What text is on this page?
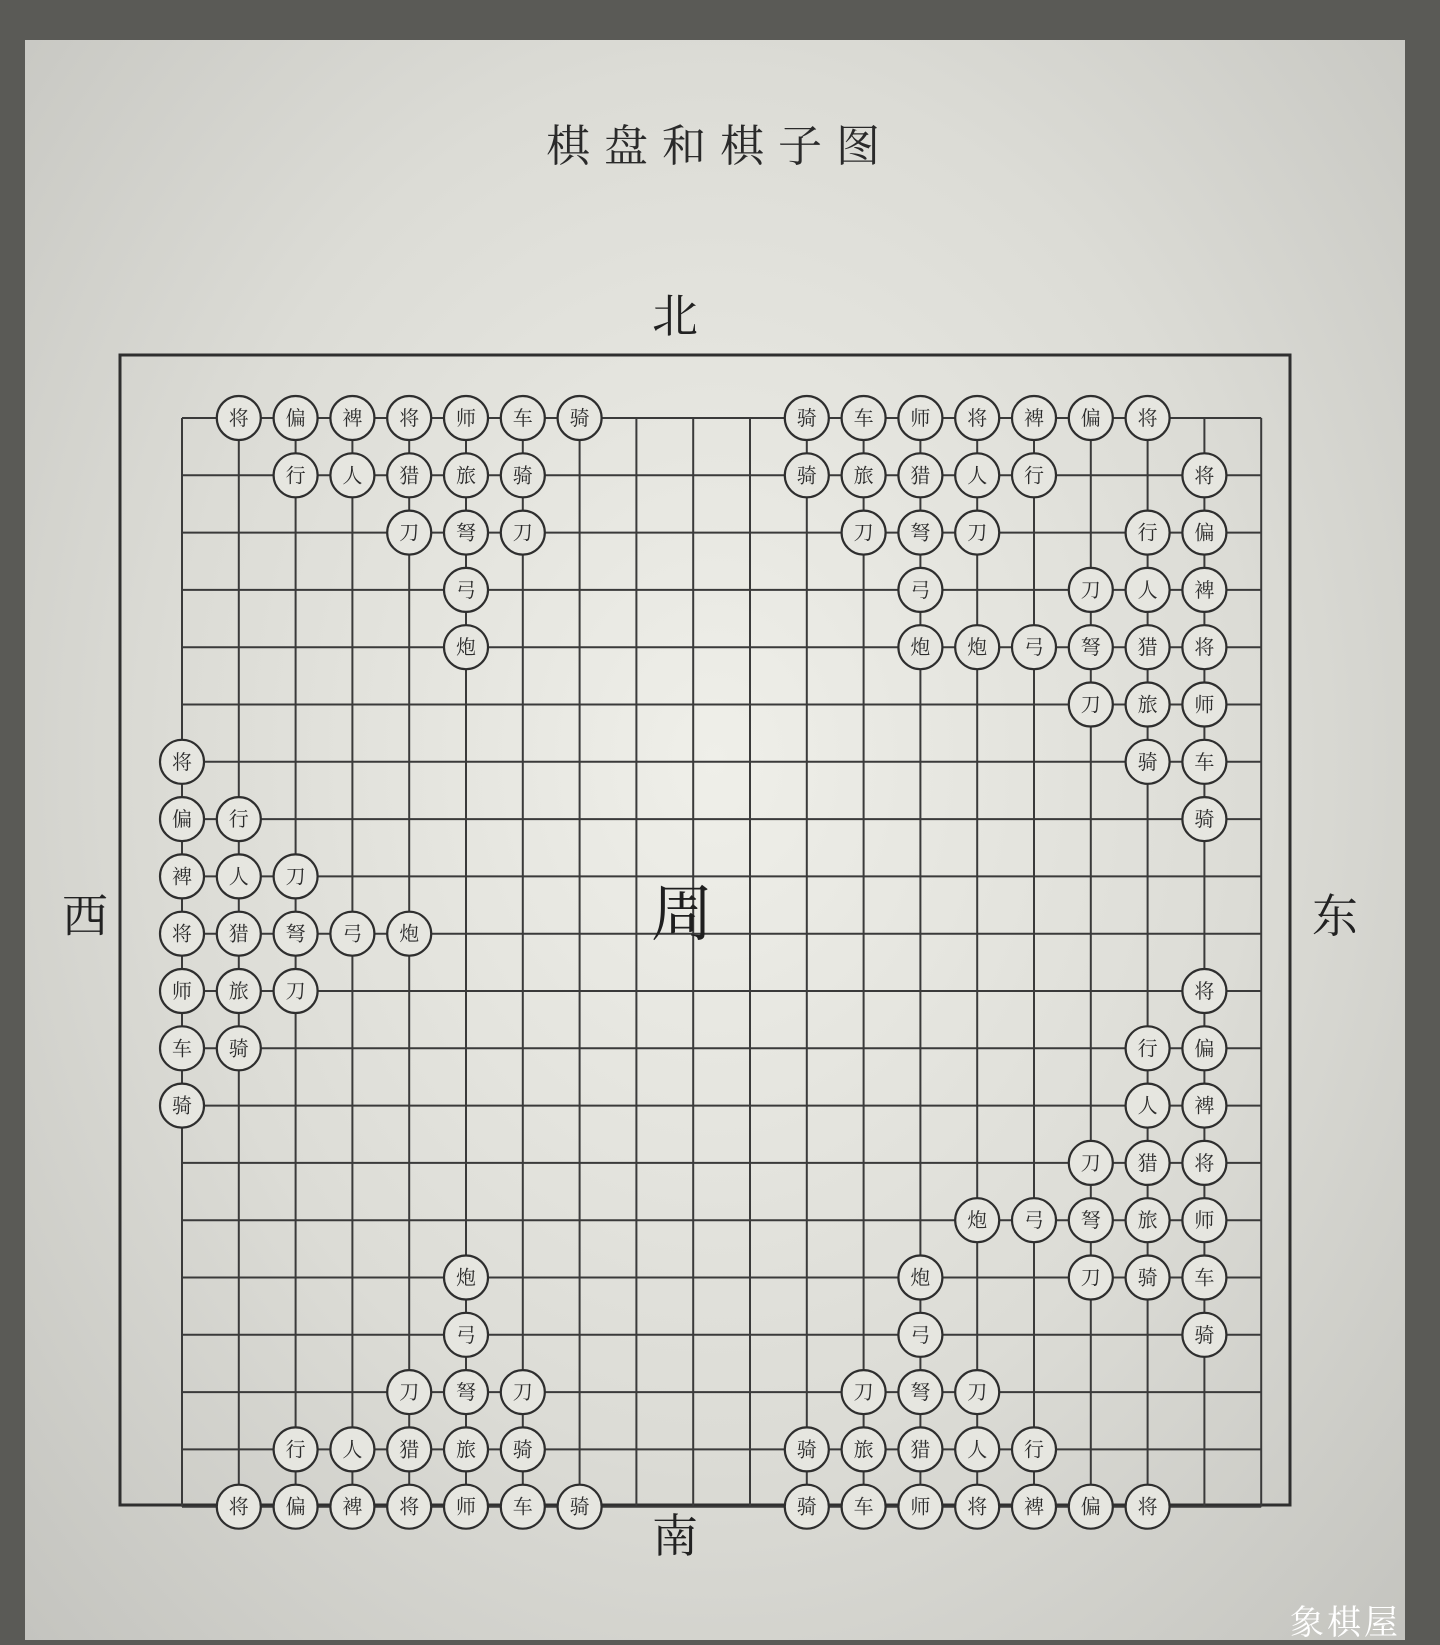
棋盘和棋子图
北
南
西	东
周
将 偏 裨 将 师 车 骑	骑 车 师 将 裨 偏 将
行 人 猎 旅 骑	骑 旅 猎 人 行
刀 弩 刀	刀 弩 刀
弓	弓
炮	炮
将
偏
裨
将
师
车
骑
行
人
猎
旅
骑
刀
弩
刀
弓 炮
将
偏
裨
将
师
车
骑
行
人
猎
旅
骑
刀
弩
刀
弓
炮
将
偏
裨
将
师
车
骑
行
人
猎
旅
骑
刀
弩
刀
弓
炮
炮
弓
刀 弩 刀
行 人 猎 旅 骑
炮
弓
刀 弩 刀
骑 旅 猎 人 行
将 偏 裨 将 师 车 骑	骑 车 师 将 裨 偏 将
象棋屋
